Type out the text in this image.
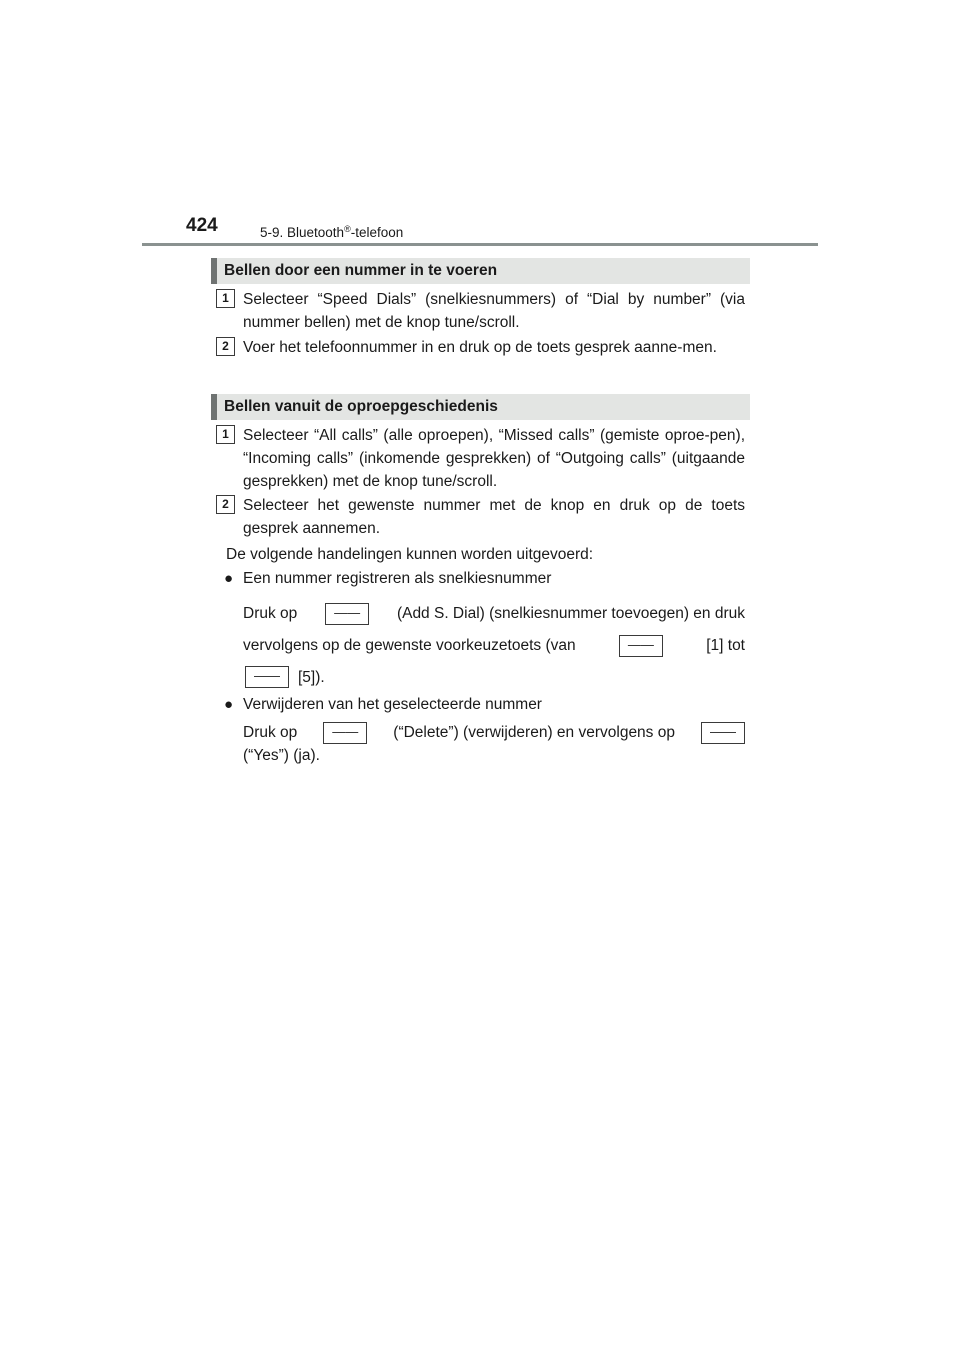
424	5-9. Bluetooth®-telefoon
Bellen door een nummer in te voeren
1 Selecteer “Speed Dials” (snelkiesnummers) of “Dial by number” (via nummer bellen) met de knop tune/scroll.
2 Voer het telefoonnummer in en druk op de toets gesprek aanne-men.
Bellen vanuit de oproepgeschiedenis
1 Selecteer “All calls” (alle oproepen), “Missed calls” (gemiste oproe-pen), “Incoming calls” (inkomende gesprekken) of “Outgoing calls” (uitgaande gesprekken) met de knop tune/scroll.
2 Selecteer het gewenste nummer met de knop en druk op de toets gesprek aannemen.
De volgende handelingen kunnen worden uitgevoerd:
● Een nummer registreren als snelkiesnummer
Druk op	——	(Add S. Dial) (snelkiesnummer toevoegen) en druk
vervolgens op de gewenste voorkeuzetoets (van	——	[1] tot
——	[5]).
● Verwijderen van het geselecteerde nummer
Druk op	——	(“Delete”) (verwijderen) en vervolgens op	——
(“Yes”) (ja).
